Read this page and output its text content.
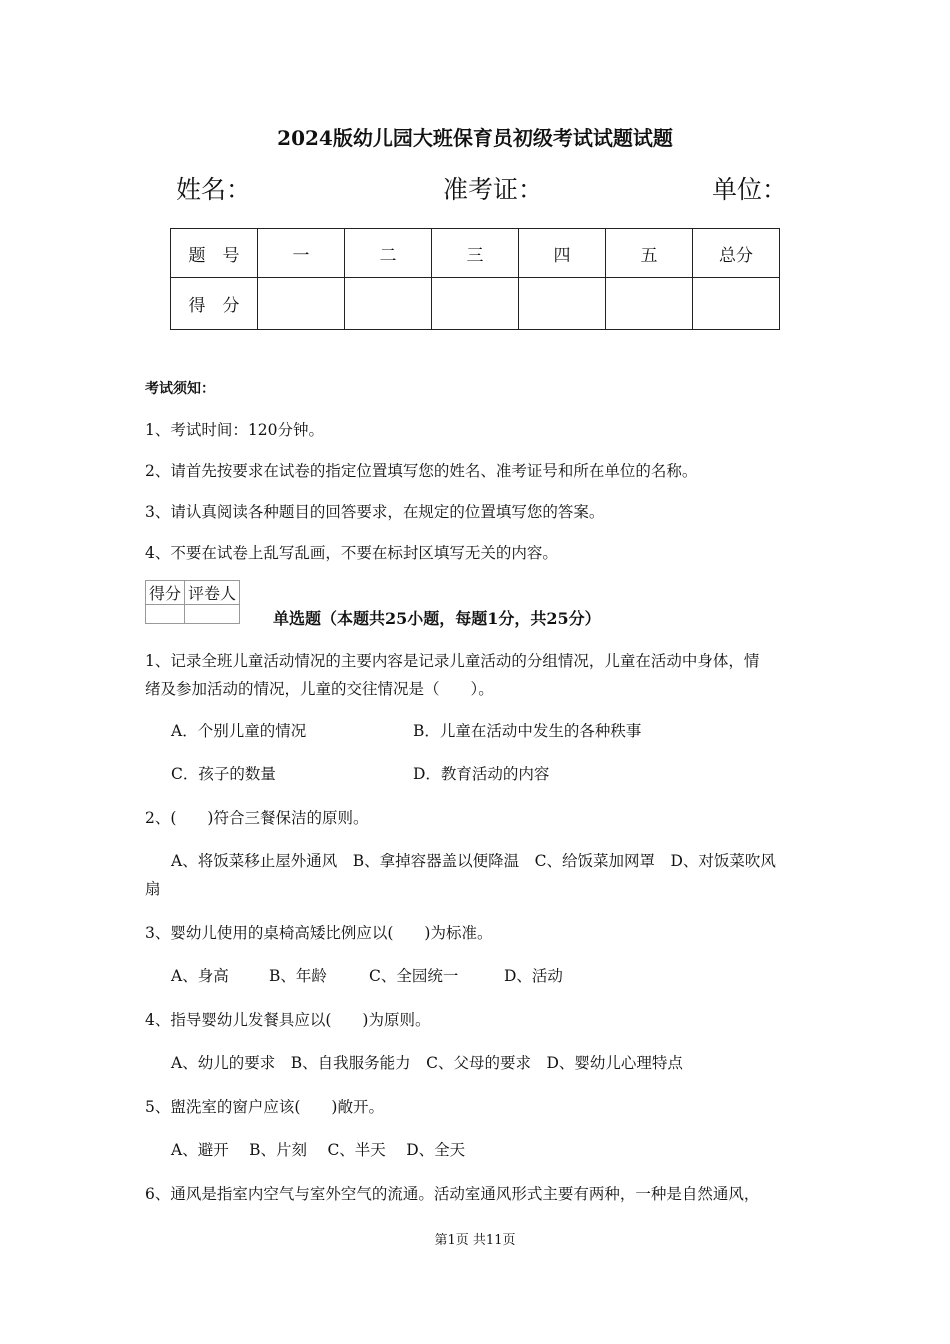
2024版幼儿园大班保育员初级考试试题试题
姓名：	准考证：	单位：
题　号	一	二	三	四	五	总分
得　分						
考试须知：
1、考试时间：120分钟。
2、请首先按要求在试卷的指定位置填写您的姓名、准考证号和所在单位的名称。
3、请认真阅读各种题目的回答要求，在规定的位置填写您的答案。
4、不要在试卷上乱写乱画，不要在标封区填写无关的内容。
得分	评卷人

单选题（本题共25小题，每题1分，共25分）
1、记录全班儿童活动情况的主要内容是记录儿童活动的分组情况，儿童在活动中身体，情
绪及参加活动的情况，儿童的交往情况是（　　）。
A．个别儿童的情况	B．儿童在活动中发生的各种秩事
C．孩子的数量	D．教育活动的内容
2、(　　)符合三餐保洁的原则。
A、将饭菜移止屋外通风　B、拿掉容器盖以便降温　C、给饭菜加网罩　D、对饭菜吹风
扇
3、婴幼儿使用的桌椅高矮比例应以(　　)为标准。
A、身高	B、年龄	C、全园统一	D、活动
4、指导婴幼儿发餐具应以(　　)为原则。
A、幼儿的要求　B、自我服务能力　C、父母的要求　D、婴幼儿心理特点
5、盥洗室的窗户应该(　　)敞开。
A、避开　 B、片刻　 C、半天　 D、全天
6、通风是指室内空气与室外空气的流通。活动室通风形式主要有两种，一种是自然通风，
第1页 共11页
